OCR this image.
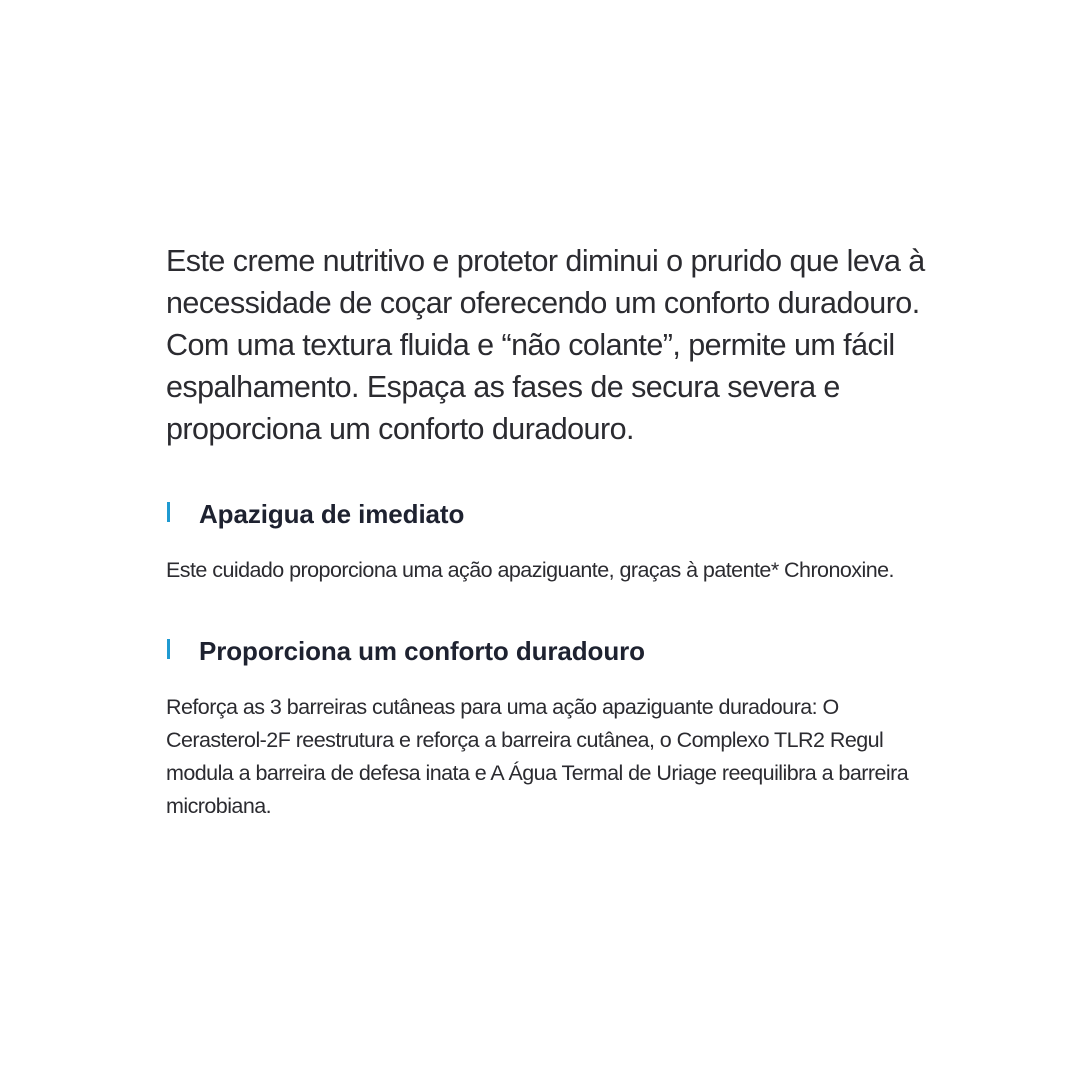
Este creme nutritivo e protetor diminui o prurido que leva à necessidade de coçar oferecendo um conforto duradouro. Com uma textura fluida e “não colante”, permite um fácil espalhamento. Espaça as fases de secura severa e proporciona um conforto duradouro.

Apazigua de imediato

Este cuidado proporciona uma ação apaziguante, graças à patente* Chronoxine.

Proporciona um conforto duradouro

Reforça as 3 barreiras cutâneas para uma ação apaziguante duradoura: O Cerasterol-2F reestrutura e reforça a barreira cutânea, o Complexo TLR2 Regul modula a barreira de defesa inata e A Água Termal de Uriage reequilibra a barreira microbiana.
